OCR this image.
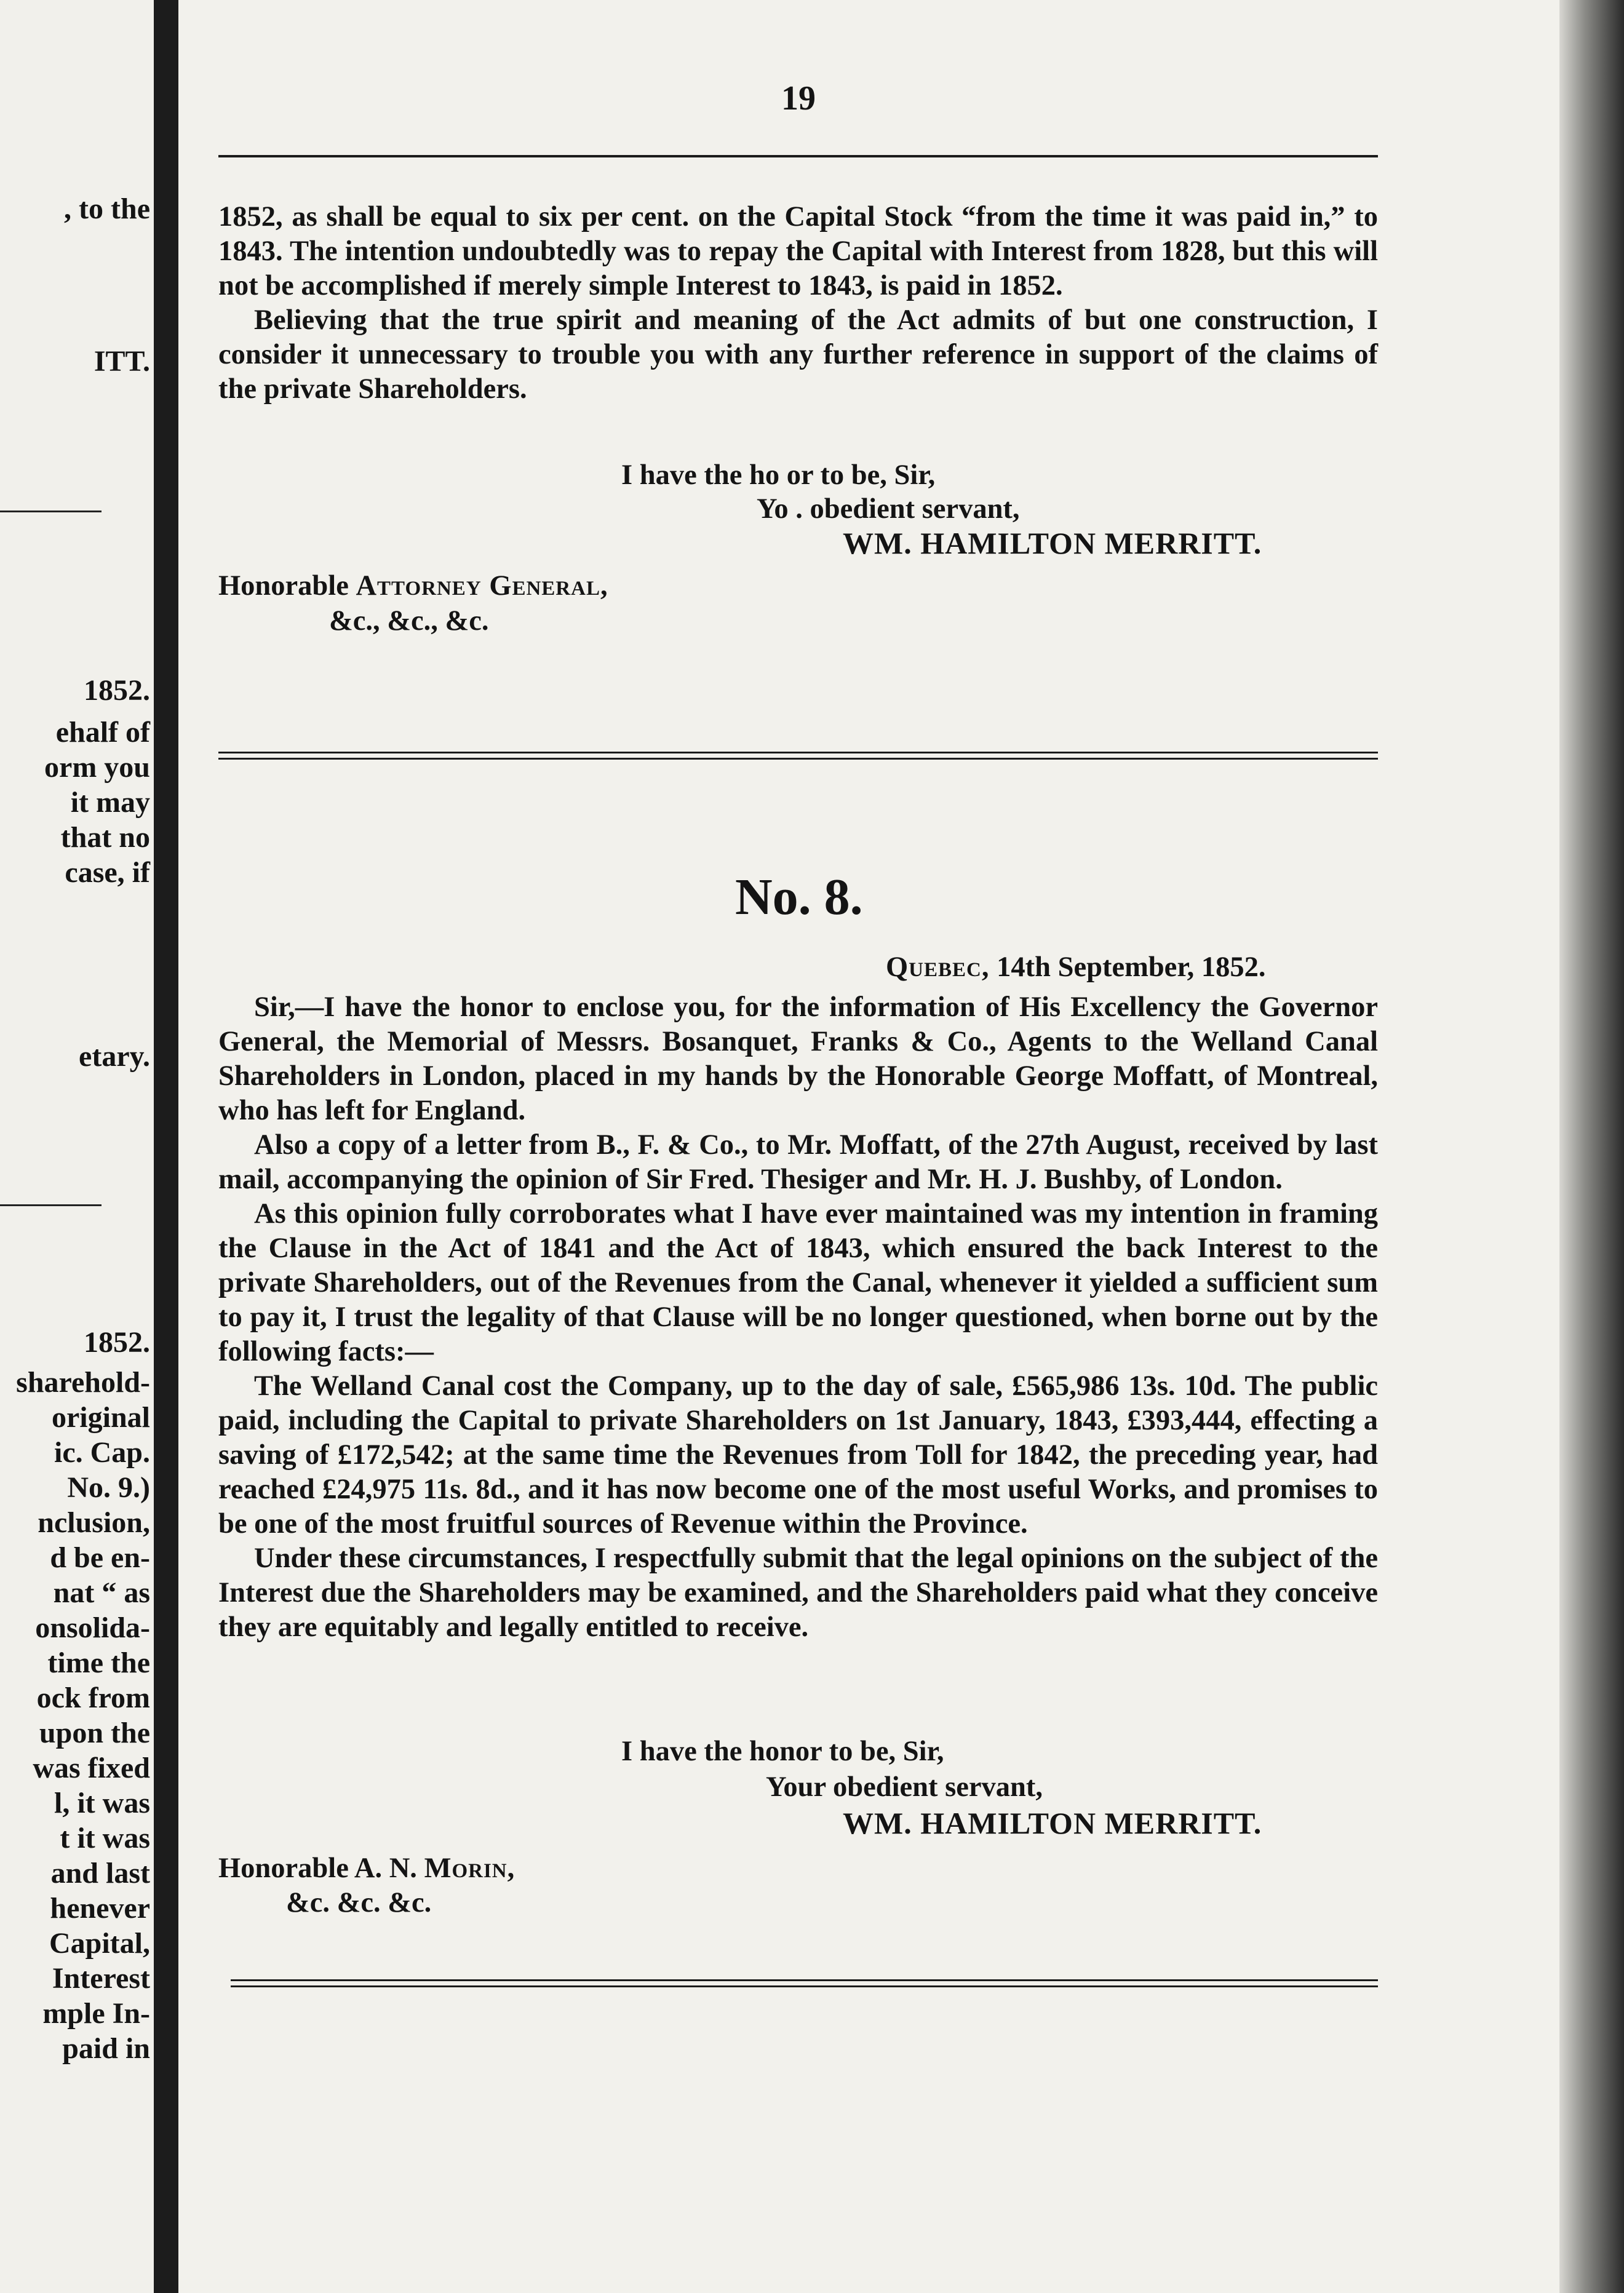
, to the
ITT.
1852.
ehalf of
orm you
it may
that no
case, if
etary.
1852.
sharehold-
original
ic. Cap.
No. 9.)
nclusion,
d be en-
nat “ as
onsolida-
time the
ock from
upon the
was fixed
l, it was
t it was
and last
henever
Capital,
Interest
mple In-
paid in
19

1852, as shall be equal to six per cent. on the Capital Stock “from the time it was paid in,” to 1843. The intention undoubtedly was to repay the Capital with Interest from 1828, but this will not be accomplished if merely simple Interest to 1843, is paid in 1852.

Believing that the true spirit and meaning of the Act admits of but one construction, I consider it unnecessary to trouble you with any further reference in support of the claims of the private Shareholders.

I have the ho​ or to be, Sir,
Yo . obedient servant,
WM. HAMILTON MERRITT.
Honorable Attorney General,
&c., &c., &c.
No. 8.
Quebec, 14th September, 1852.

Sir,—I have the honor to enclose you, for the information of His Excellency the Governor General, the Memorial of Messrs. Bosanquet, Franks & Co., Agents to the Welland Canal Shareholders in London, placed in my hands by the Honorable George Moffatt, of Montreal, who has left for England.

Also a copy of a letter from B., F. & Co., to Mr. Moffatt, of the 27th August, received by last mail, accompanying the opinion of Sir Fred. Thesiger and Mr. H. J. Bushby, of London.

As this opinion fully corroborates what I have ever maintained was my intention in framing the Clause in the Act of 1841 and the Act of 1843, which ensured the back Interest to the private Shareholders, out of the Revenues from the Canal, whenever it yielded a sufficient sum to pay it, I trust the legality of that Clause will be no longer questioned, when borne out by the following facts:—

The Welland Canal cost the Company, up to the day of sale, £565,986 13s. 10d. The public paid, including the Capital to private Shareholders on 1st January, 1843, £393,444, effecting a saving of £172,542; at the same time the Revenues from Toll for 1842, the preceding year, had reached £24,975 11s. 8d., and it has now become one of the most useful Works, and promises to be one of the most fruitful sources of Revenue within the Province.

Under these circumstances, I respectfully submit that the legal opinions on the subject of the Interest due the Shareholders may be examined, and the Shareholders paid what they conceive they are equitably and legally entitled to receive.

I have the honor to be, Sir,
Your obedient servant,
WM. HAMILTON MERRITT.
Honorable A. N. Morin,
&c. &c. &c.
